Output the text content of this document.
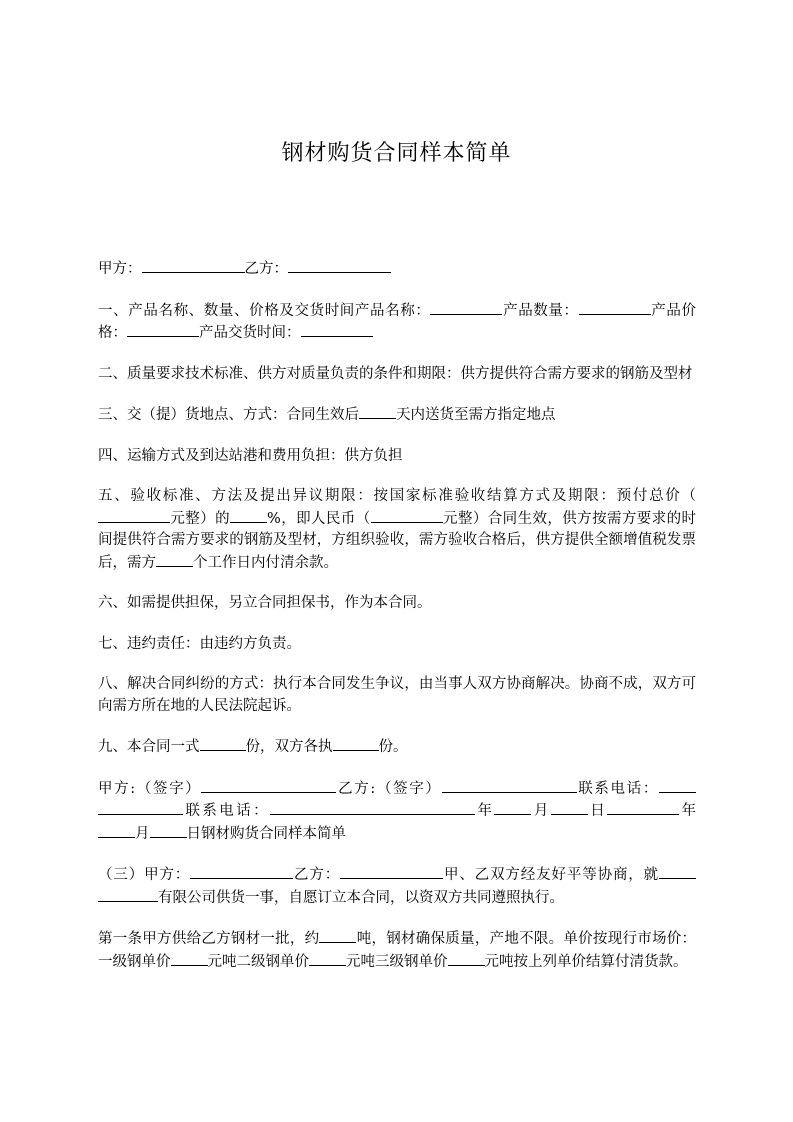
钢材购货合同样本简单

甲方：	乙方：

一、产品名称、数量、价格及交货时间产品名称：	产品数量：	产品价格：	产品交货时间：

二、质量要求技术标准、供方对质量负责的条件和期限：供方提供符合需方要求的钢筋及型材

三、交（提）货地点、方式：合同生效后	天内送货至需方指定地点

四、运输方式及到达站港和费用负担：供方负担

五、验收标准、方法及提出异议期限：按国家标准验收结算方式及期限：预付总价（元整）的	%，即人民币（	元整）合同生效，供方按需方要求的时间提供符合需方要求的钢筋及型材，方组织验收，需方验收合格后，供方提供全额增值税发票后，需方	个工作日内付清余款。

六、如需提供担保，另立合同担保书，作为本合同。

七、违约责任：由违约方负责。

八、解决合同纠纷的方式：执行本合同发生争议，由当事人双方协商解决。协商不成，双方可向需方所在地的人民法院起诉。

九、本合同一式	份，双方各执	份。

甲方:（签字）	乙方:（签字）	联系电话：联系电话：	年	月	日	年月	日钢材购货合同样本简单

（三）甲方：	乙方：	甲、乙双方经友好平等协商，就有限公司供货一事，自愿订立本合同，以资双方共同遵照执行。

第一条甲方供给乙方钢材一批，约	吨，钢材确保质量，产地不限。单价按现行市场价：一级钢单价	元吨二级钢单价	元吨三级钢单价	元吨按上列单价结算付清货款。
